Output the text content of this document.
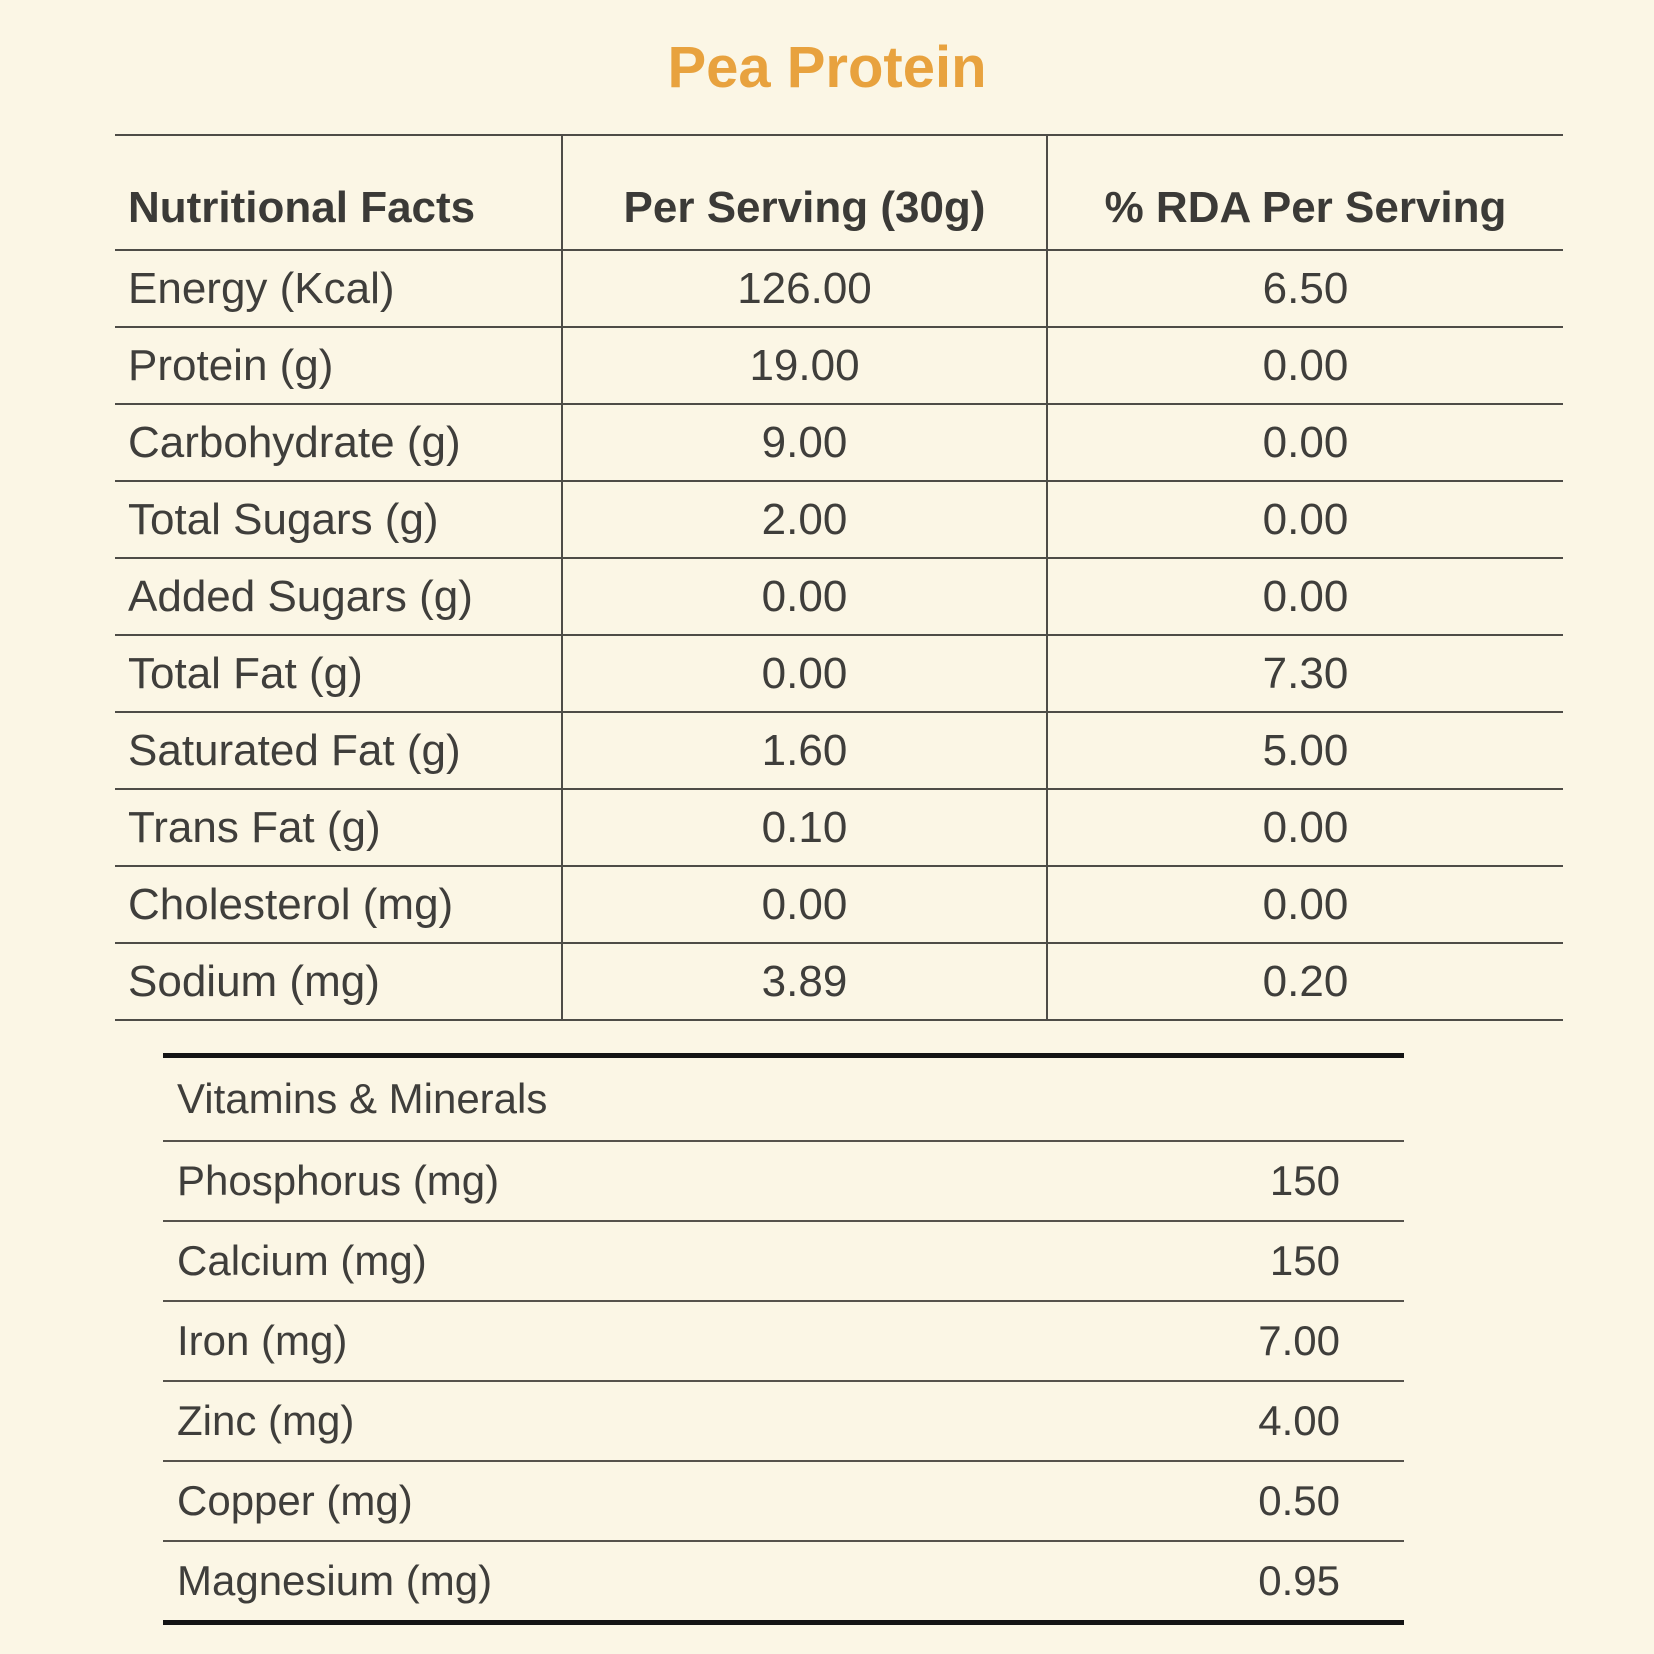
Pea Protein
Nutritional Facts	Per Serving (30g)	% RDA Per Serving
Energy (Kcal)	126.00	6.50
Protein (g)	19.00	0.00
Carbohydrate (g)	9.00	0.00
Total Sugars (g)	2.00	0.00
Added Sugars (g)	0.00	0.00
Total Fat (g)	0.00	7.30
Saturated Fat (g)	1.60	5.00
Trans Fat (g)	0.10	0.00
Cholesterol (mg)	0.00	0.00
Sodium (mg)	3.89	0.20
Vitamins & Minerals	
Phosphorus (mg)	150
Calcium (mg)	150
Iron (mg)	7.00
Zinc (mg)	4.00
Copper (mg)	0.50
Magnesium (mg)	0.95
